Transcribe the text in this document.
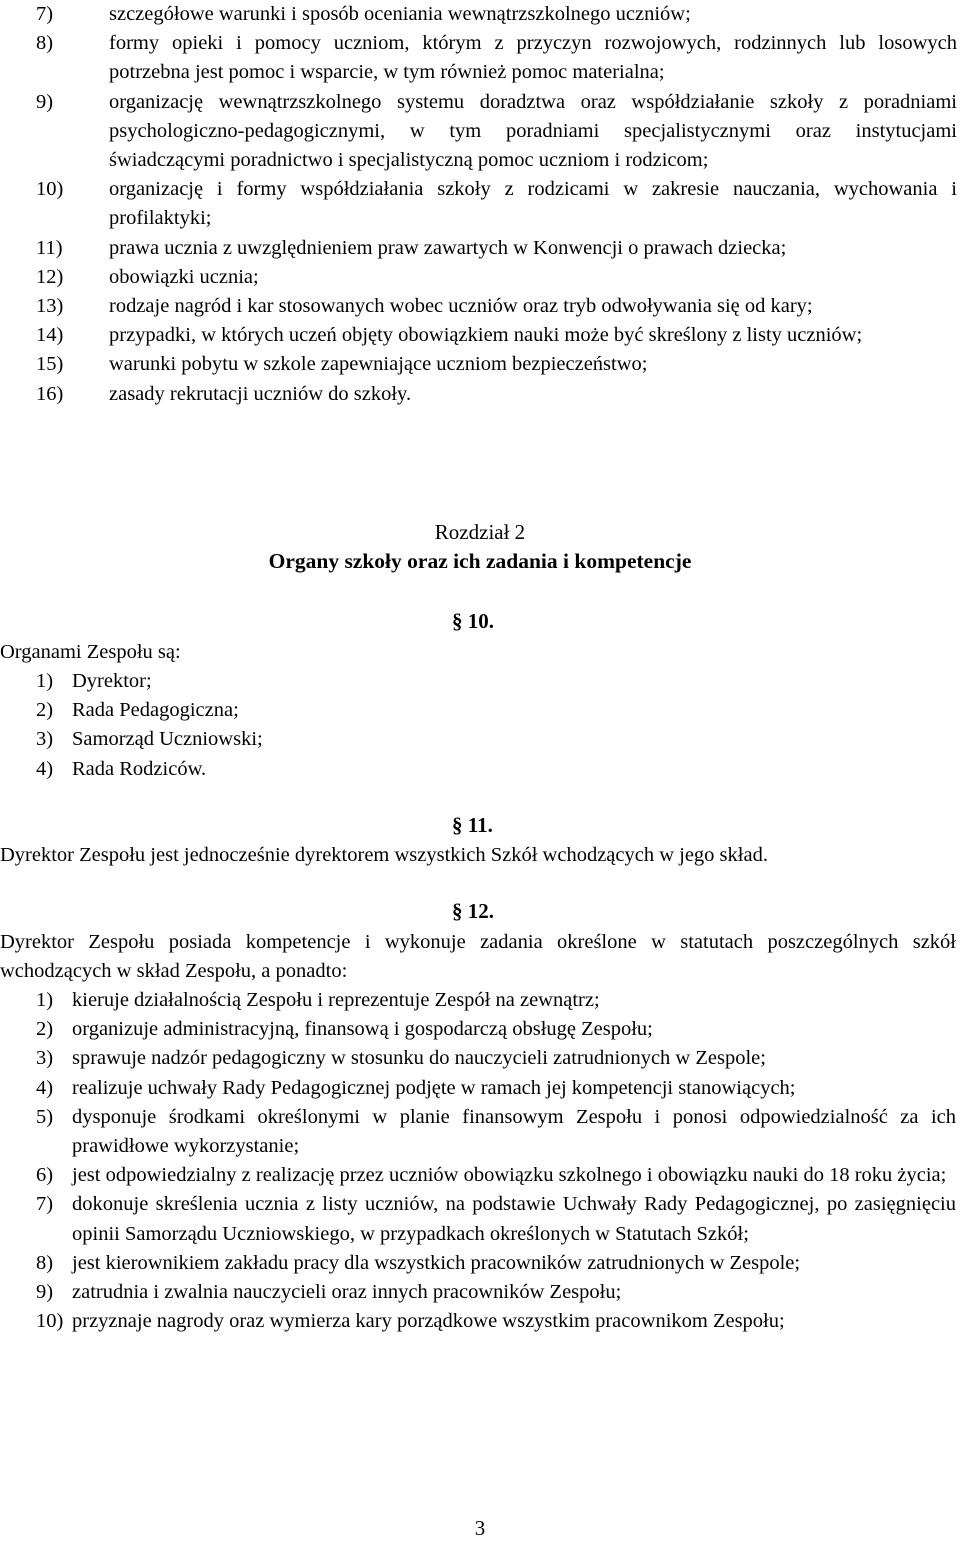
7)	szczegółowe warunki i sposób oceniania wewnątrzszkolnego uczniów;
8)	formy opieki i pomocy uczniom, którym z przyczyn rozwojowych, rodzinnych lub losowych potrzebna jest pomoc i wsparcie, w tym również pomoc materialna;
9)	organizację wewnątrzszkolnego systemu doradztwa oraz współdziałanie szkoły z poradniami psychologiczno-pedagogicznymi, w tym poradniami specjalistycznymi oraz instytucjami świadczącymi poradnictwo i specjalistyczną pomoc uczniom i rodzicom;
10)	organizację i formy współdziałania szkoły z rodzicami w zakresie nauczania, wychowania i profilaktyki;
11)	prawa ucznia z uwzględnieniem praw zawartych w Konwencji o prawach dziecka;
12)	obowiązki ucznia;
13)	rodzaje nagród i kar stosowanych wobec uczniów oraz tryb odwoływania się od kary;
14)	przypadki, w których uczeń objęty obowiązkiem nauki może być skreślony z listy uczniów;
15)	warunki pobytu w szkole zapewniające uczniom bezpieczeństwo;
16)	zasady rekrutacji uczniów do szkoły.
Rozdział 2
Organy szkoły oraz ich zadania i kompetencje
§ 10.
Organami Zespołu są:
1) Dyrektor;
2) Rada Pedagogiczna;
3) Samorząd Uczniowski;
4) Rada Rodziców.
§ 11.
Dyrektor Zespołu jest jednocześnie dyrektorem wszystkich Szkół wchodzących w jego skład.
§ 12.
Dyrektor Zespołu posiada kompetencje i wykonuje zadania określone w statutach poszczególnych szkół wchodzących w skład Zespołu, a ponadto:
1) kieruje działalnością Zespołu i reprezentuje Zespół na zewnątrz;
2) organizuje administracyjną, finansową i gospodarczą obsługę Zespołu;
3) sprawuje nadzór pedagogiczny w stosunku do nauczycieli zatrudnionych w Zespole;
4) realizuje uchwały Rady Pedagogicznej podjęte w ramach jej kompetencji stanowiących;
5) dysponuje środkami określonymi w planie finansowym Zespołu i ponosi odpowiedzialność za ich prawidłowe wykorzystanie;
6) jest odpowiedzialny z realizację przez uczniów obowiązku szkolnego i obowiązku nauki do 18 roku życia;
7) dokonuje skreślenia ucznia z listy uczniów, na podstawie Uchwały Rady Pedagogicznej, po zasięgnięciu opinii Samorządu Uczniowskiego, w przypadkach określonych w Statutach Szkół;
8) jest kierownikiem zakładu pracy dla wszystkich pracowników zatrudnionych w Zespole;
9) zatrudnia i zwalnia nauczycieli oraz innych pracowników Zespołu;
10) przyznaje nagrody oraz wymierza kary porządkowe wszystkim pracownikom Zespołu;
3
